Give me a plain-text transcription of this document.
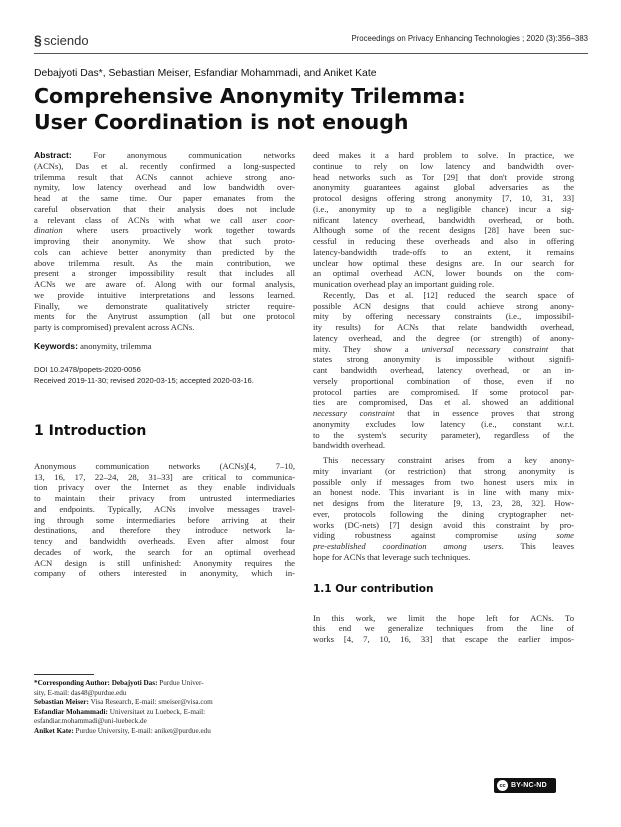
§ sciendo	Proceedings on Privacy Enhancing Technologies ; 2020 (3):356–383
Debajyoti Das*, Sebastian Meiser, Esfandiar Mohammadi, and Aniket Kate
Comprehensive Anonymity Trilemma:
User Coordination is not enough
Abstract: For anonymous communication networks
(ACNs), Das et al. recently confirmed a long-suspected
trilemma result that ACNs cannot achieve strong ano-
nymity, low latency overhead and low bandwidth over-
head at the same time. Our paper emanates from the
careful observation that their analysis does not include
a relevant class of ACNs with what we call user coor-
dination where users proactively work together towards
improving their anonymity. We show that such proto-
cols can achieve better anonymity than predicted by the
above trilemma result. As the main contribution, we
present a stronger impossibility result that includes all
ACNs we are aware of. Along with our formal analysis,
we provide intuitive interpretations and lessons learned.
Finally, we demonstrate qualitatively stricter require-
ments for the Anytrust assumption (all but one protocol
party is compromised) prevalent across ACNs.
Keywords: anonymity, trilemma
DOI 10.2478/popets-2020-0056
Received 2019-11-30; revised 2020-03-15; accepted 2020-03-16.
1 Introduction
Anonymous communication networks (ACNs)[4, 7–10,
13, 16, 17, 22–24, 28, 31–33] are critical to communica-
tion privacy over the Internet as they enable individuals
to maintain their privacy from untrusted intermediaries
and endpoints. Typically, ACNs involve messages travel-
ing through some intermediaries before arriving at their
destinations, and therefore they introduce network la-
tency and bandwidth overheads. Even after almost four
decades of work, the search for an optimal overhead
ACN design is still unfinished: Anonymity requires the
company of others interested in anonymity, which in-
*Corresponding Author: Debajyoti Das: Purdue Univer-
sity, E-mail: das48@purdue.edu
Sebastian Meiser: Visa Research, E-mail: smeiser@visa.com
Esfandiar Mohammadi: Universitaet zu Luebeck, E-mail:
esfandiar.mohammadi@uni-luebeck.de
Aniket Kate: Purdue University, E-mail: aniket@purdue.edu
deed makes it a hard problem to solve. In practice, we
continue to rely on low latency and bandwidth over-
head networks such as Tor [29] that don't provide strong
anonymity guarantees against global adversaries as the
protocol designs offering strong anonymity [7, 10, 31, 33]
(i.e., anonymity up to a negligible chance) incur a sig-
nificant latency overhead, bandwidth overhead, or both.
Although some of the recent designs [28] have been suc-
cessful in reducing these overheads and also in offering
latency-bandwidth trade-offs to an extent, it remains
unclear how optimal these designs are. In our search for
an optimal overhead ACN, lower bounds on the com-
munication overhead play an important guiding role.
Recently, Das et al. [12] reduced the search space of
possible ACN designs that could achieve strong anony-
mity by offering necessary constraints (i.e., impossibil-
ity results) for ACNs that relate bandwidth overhead,
latency overhead, and the degree (or strength) of anony-
mity. They show a universal necessary constraint that
states strong anonymity is impossible without signifi-
cant bandwidth overhead, latency overhead, or an in-
versely proportional combination of those, even if no
protocol parties are compromised. If some protocol par-
ties are compromised, Das et al. showed an additional
necessary constraint that in essence proves that strong
anonymity excludes low latency (i.e., constant w.r.t.
to the system's security parameter), regardless of the
bandwidth overhead.
This necessary constraint arises from a key anony-
mity invariant (or restriction) that strong anonymity is
possible only if messages from two honest users mix in
an honest node. This invariant is in line with many mix-
net designs from the literature [9, 13, 23, 28, 32]. How-
ever, protocols following the dining cryptographer net-
works (DC-nets) [7] design avoid this constraint by pro-
viding robustness against compromise using some
pre-established coordination among users. This leaves
hope for ACNs that leverage such techniques.
1.1 Our contribution
In this work, we limit the hope left for ACNs. To
this end we generalize techniques from the line of
works [4, 7, 10, 16, 33] that escape the earlier impos-
cc BY-NC-ND
